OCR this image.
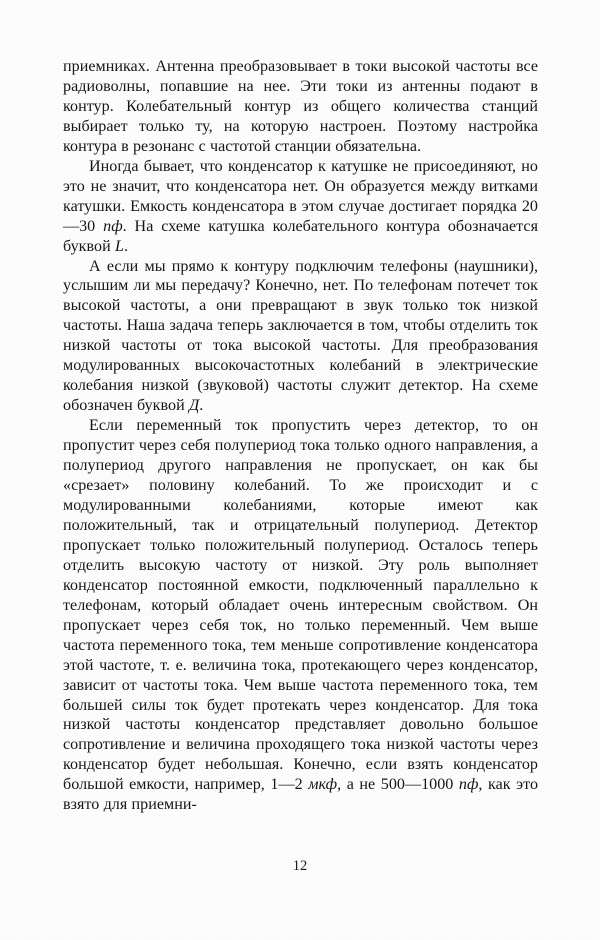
приемниках. Антенна преобразовывает в токи высокой частоты все радиоволны, попавшие на нее. Эти токи из антенны подают в контур. Колебательный контур из общего количества станций выбирает только ту, на которую настроен. Поэтому настройка контура в резонанс с частотой станции обязательна.

Иногда бывает, что конденсатор к катушке не присоединяют, но это не значит, что конденсатора нет. Он образуется между витками катушки. Емкость конденсатора в этом случае достигает порядка 20—30 пф. На схеме катушка колебательного контура обозначается буквой L.

А если мы прямо к контуру подключим телефоны (наушники), услышим ли мы передачу? Конечно, нет. По телефонам потечет ток высокой частоты, а они превращают в звук только ток низкой частоты. Наша задача теперь заключается в том, чтобы отделить ток низкой частоты от тока высокой частоты. Для преобразования модулированных высокочастотных колебаний в электрические колебания низкой (звуковой) частоты служит детектор. На схеме обозначен буквой Д.

Если переменный ток пропустить через детектор, то он пропустит через себя полупериод тока только одного направления, а полупериод другого направления не пропускает, он как бы «срезает» половину колебаний. То же происходит и с модулированными колебаниями, которые имеют как положительный, так и отрицательный полупериод. Детектор пропускает только положительный полупериод. Осталось теперь отделить высокую частоту от низкой. Эту роль выполняет конденсатор постоянной емкости, подключенный параллельно к телефонам, который обладает очень интересным свойством. Он пропускает через себя ток, но только переменный. Чем выше частота переменного тока, тем меньше сопротивление конденсатора этой частоте, т. е. величина тока, протекающего через конденсатор, зависит от частоты тока. Чем выше частота переменного тока, тем большей силы ток будет протекать через конденсатор. Для тока низкой частоты конденсатор представляет довольно большое сопротивление и величина проходящего тока низкой частоты через конденсатор будет небольшая. Конечно, если взять конденсатор большой емкости, например, 1—2 мкф, а не 500—1000 пф, как это взято для приемни-

12
